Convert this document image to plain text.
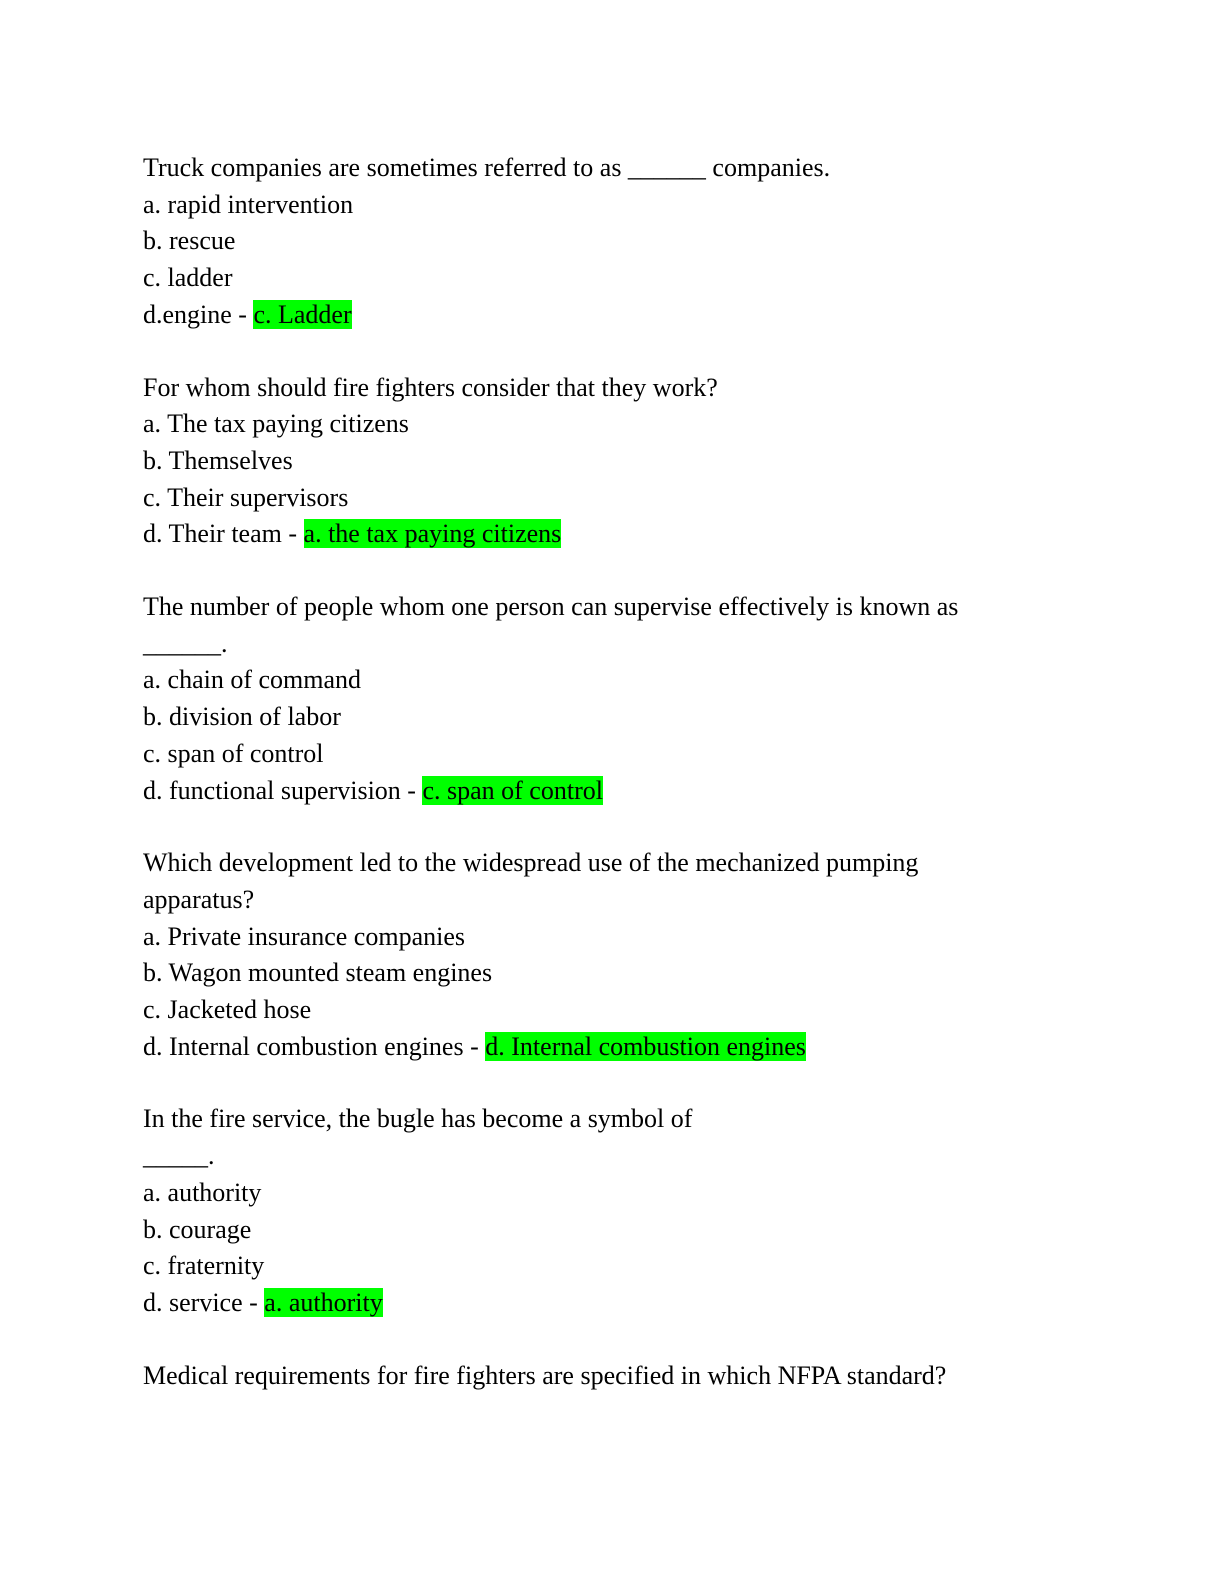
Truck companies are sometimes referred to as ______ companies.
a. rapid intervention
b. rescue
c. ladder
d.engine - c. Ladder
For whom should fire fighters consider that they work?
a. The tax paying citizens
b. Themselves
c. Their supervisors
d. Their team - a. the tax paying citizens
The number of people whom one person can supervise effectively is known as
______.
a. chain of command
b. division of labor
c. span of control
d. functional supervision - c. span of control
Which development led to the widespread use of the mechanized pumping
apparatus?
a. Private insurance companies
b. Wagon mounted steam engines
c. Jacketed hose
d. Internal combustion engines - d. Internal combustion engines
In the fire service, the bugle has become a symbol of
_____.
a. authority
b. courage
c. fraternity
d. service - a. authority
Medical requirements for fire fighters are specified in which NFPA standard?
